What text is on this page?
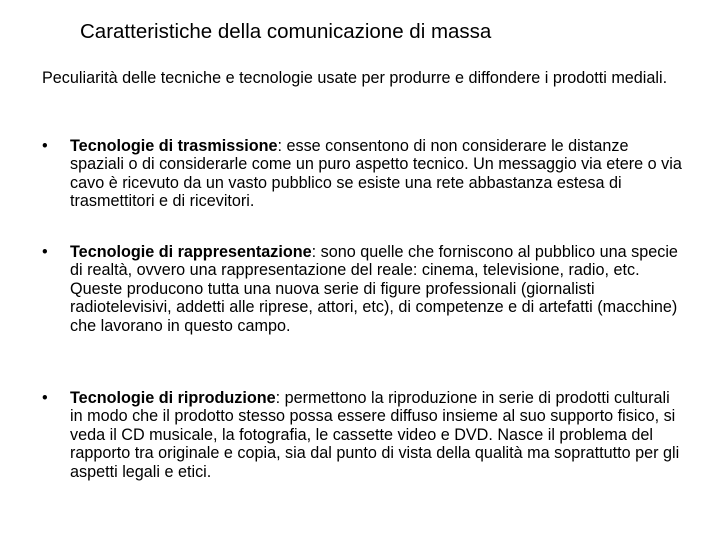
Caratteristiche della comunicazione di massa
Peculiarità delle tecniche e tecnologie usate per produrre e diffondere i prodotti mediali.
•	Tecnologie di trasmissione: esse consentono di non considerare le distanze spaziali o di considerarle come un puro aspetto tecnico. Un messaggio via etere o via cavo è ricevuto da un vasto pubblico se esiste una rete abbastanza estesa di trasmettitori e di ricevitori.
•	Tecnologie di rappresentazione: sono quelle che forniscono al pubblico una specie di realtà, ovvero una rappresentazione del reale: cinema, televisione, radio, etc. Queste producono tutta una nuova serie di figure professionali (giornalisti radiotelevisivi, addetti alle riprese, attori, etc), di competenze e di artefatti (macchine) che lavorano in questo campo.
•	Tecnologie di riproduzione: permettono la riproduzione in serie di prodotti culturali in modo che il prodotto stesso possa essere diffuso insieme al suo supporto fisico, si veda il CD musicale, la fotografia, le cassette video e DVD. Nasce il problema del rapporto tra originale e copia, sia dal punto di vista della qualità ma soprattutto per gli aspetti legali e etici.
